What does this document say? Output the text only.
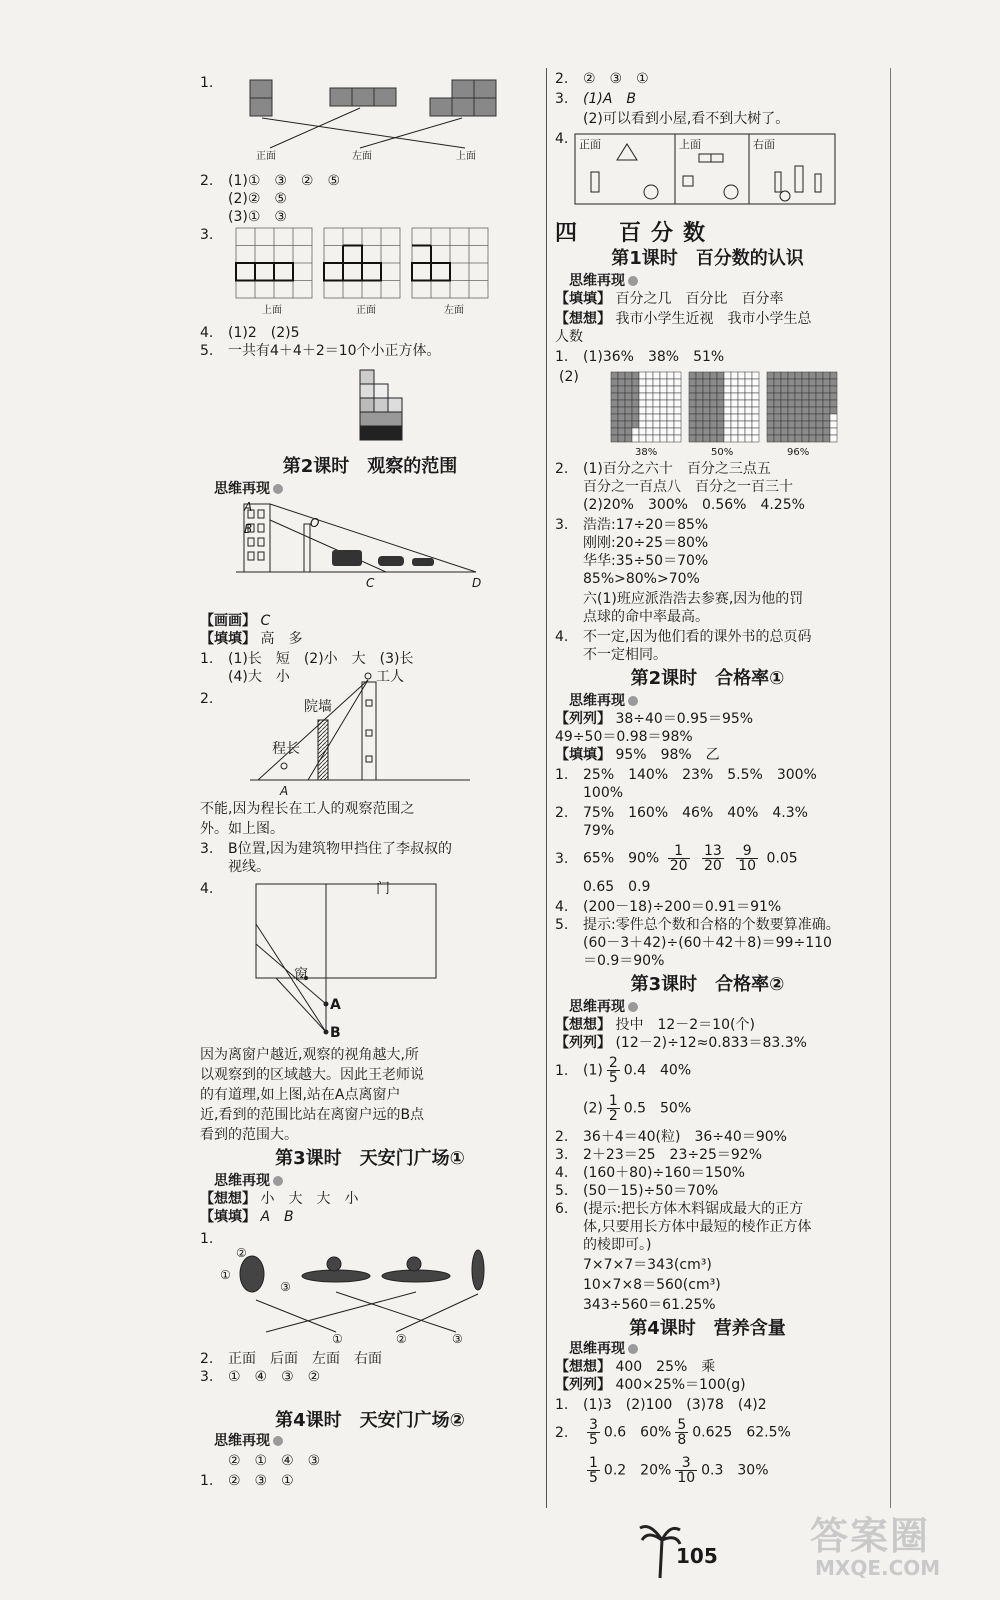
1.
正面	左面	上面
2. (1)①　③　②　⑤
(2)②　⑤
(3)①　③
3.
上面	正面	左面
4. (1)2　(2)5
5. 一共有4＋4＋2＝10个小正方体。
第2课时　观察的范围
思维再现
A
B	O
C	D
【画画】 C
【填填】 高　多
1. (1)长　短　(2)小　大　(3)长
(4)大　小
2.
工人
院墙
程长
A
不能,因为程长在工人的观察范围之
外。如上图。
3. B位置,因为建筑物甲挡住了李叔叔的
视线。
4.	门
窗
A
B
因为离窗户越近,观察的视角越大,所
以观察到的区域越大。因此王老师说
的有道理,如上图,站在A点离窗户
近,看到的范围比站在离窗户远的B点
看到的范围大。
第3课时　天安门广场①
思维再现
【想想】 小　大　大　小
【填填】 A　B
1.
②
①
③
①	②	③
2. 正面　后面　左面　右面
3. ①　④　③　②
第4课时　天安门广场②
思维再现
②　①　④　③
1. ②　③　①
2. ②　③　①
3. (1)A　B
(2)可以看到小屋,看不到大树了。
4. 正面	上面	右面
四　百分数
第1课时　百分数的认识
思维再现
【填填】 百分之几　百分比　百分率
【想想】 我市小学生近视　我市小学生总
人数
1. (1)36%　38%　51%
(2)
38%	50%	96%
2. (1)百分之六十　百分之三点五
百分之一百点八　百分之一百三十
(2)20%　300%　0.56%　4.25%
3. 浩浩:17÷20＝85%
刚刚:20÷25＝80%
华华:35÷50＝70%
85%>80%>70%
六(1)班应派浩浩去参赛,因为他的罚
点球的命中率最高。
4. 不一定,因为他们看的课外书的总页码
不一定相同。
第2课时　合格率①
思维再现
【列列】 38÷40＝0.95＝95%
49÷50＝0.98＝98%
【填填】 95%　98%　乙
1. 25%　140%　23%　5.5%　300%
100%
2. 75%　160%　46%　40%　4.3%
79%
3. 65%　$90\% \frac{1}{20}$
$\frac{13}{20}$
$\frac{9}{10} 0.05$
0.65　0.9
4. (200－18)÷200＝0.91＝91%
5. 提示:零件总个数和合格的个数要算准确。
(60－3＋42)÷(60＋42＋8)＝99÷110
＝0.9＝90%
第3课时　合格率②
思维再现
【想想】 投中　12－2＝10(个)
【列列】 (12－2)÷12≈0.833＝83.3%
1. $(1) \frac{2}{5} 0.4$　40%
$(2) \frac{1}{2} 0.5$　50%
2. 36＋4＝40(粒)　36÷40＝90%
3. 2＋23＝25　23÷25＝92%
4. (160＋80)÷160＝150%
5. (50－15)÷50＝70%
6. (提示:把长方体木料锯成最大的正方
体,只要用长方体中最短的棱作正方体
的棱即可。)
7×7×7＝343(cm³)
10×7×8＝560(cm³)
343÷560＝61.25%
第4课时　营养含量
思维再现
【想想】 400　25%　乘
【列列】 400×25%＝100(g)
1. (1)3　(2)100　(3)78　(4)2
2. $\frac{3}{5} 0.6$　$60\% \frac{5}{8} 0.625$　62.5%
$\frac{1}{5} 0.2$　$20\% \frac{3}{10} 0.3$　30%
105 答案圈
MXQE.COM
